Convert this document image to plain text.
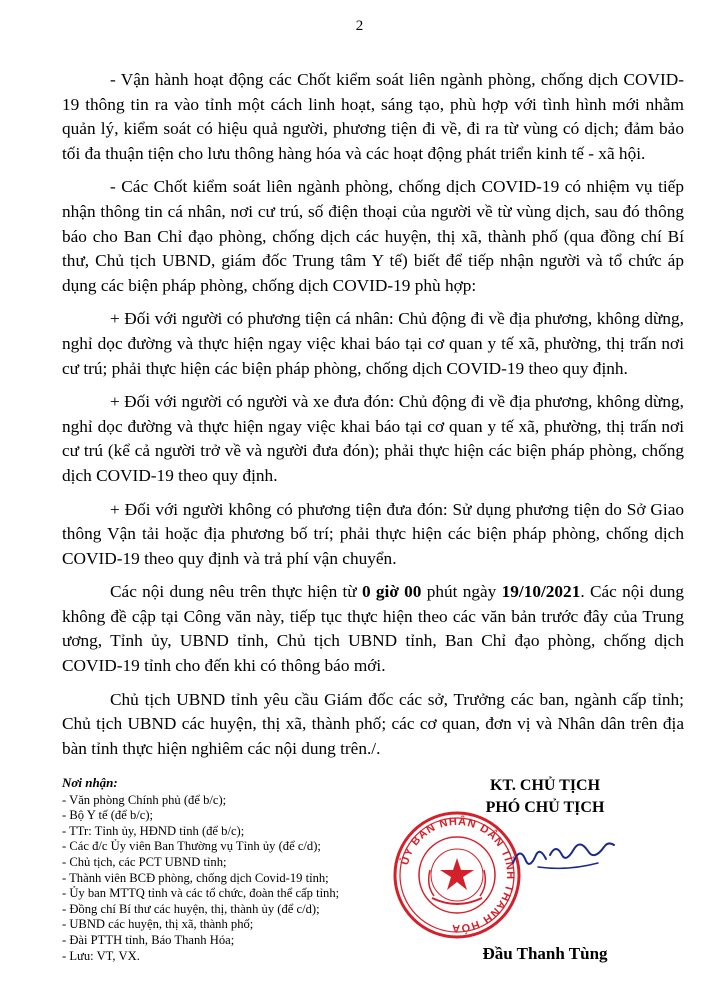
2

- Vận hành hoạt động các Chốt kiểm soát liên ngành phòng, chống dịch COVID-19 thông tin ra vào tỉnh một cách linh hoạt, sáng tạo, phù hợp với tình hình mới nhằm quản lý, kiểm soát có hiệu quả người, phương tiện đi về, đi ra từ vùng có dịch; đảm bảo tối đa thuận tiện cho lưu thông hàng hóa và các hoạt động phát triển kinh tế - xã hội.

- Các Chốt kiểm soát liên ngành phòng, chống dịch COVID-19 có nhiệm vụ tiếp nhận thông tin cá nhân, nơi cư trú, số điện thoại của người về từ vùng dịch, sau đó thông báo cho Ban Chỉ đạo phòng, chống dịch các huyện, thị xã, thành phố (qua đồng chí Bí thư, Chủ tịch UBND, giám đốc Trung tâm Y tế) biết để tiếp nhận người và tổ chức áp dụng các biện pháp phòng, chống dịch COVID-19 phù hợp:

+ Đối với người có phương tiện cá nhân: Chủ động đi về địa phương, không dừng, nghỉ dọc đường và thực hiện ngay việc khai báo tại cơ quan y tế xã, phường, thị trấn nơi cư trú; phải thực hiện các biện pháp phòng, chống dịch COVID-19 theo quy định.

+ Đối với người có người và xe đưa đón: Chủ động đi về địa phương, không dừng, nghỉ dọc đường và thực hiện ngay việc khai báo tại cơ quan y tế xã, phường, thị trấn nơi cư trú (kể cả người trở về và người đưa đón); phải thực hiện các biện pháp phòng, chống dịch COVID-19 theo quy định.

+ Đối với người không có phương tiện đưa đón: Sử dụng phương tiện do Sở Giao thông Vận tải hoặc địa phương bố trí; phải thực hiện các biện pháp phòng, chống dịch COVID-19 theo quy định và trả phí vận chuyển.

Các nội dung nêu trên thực hiện từ 0 giờ 00 phút ngày 19/10/2021. Các nội dung không đề cập tại Công văn này, tiếp tục thực hiện theo các văn bản trước đây của Trung ương, Tỉnh ủy, UBND tỉnh, Chủ tịch UBND tỉnh, Ban Chỉ đạo phòng, chống dịch COVID-19 tỉnh cho đến khi có thông báo mới.

Chủ tịch UBND tỉnh yêu cầu Giám đốc các sở, Trưởng các ban, ngành cấp tỉnh; Chủ tịch UBND các huyện, thị xã, thành phố; các cơ quan, đơn vị và Nhân dân trên địa bàn tỉnh thực hiện nghiêm các nội dung trên./.

Nơi nhận:
- Văn phòng Chính phủ (để b/c);
- Bộ Y tế (để b/c);
- TTr: Tỉnh ủy, HĐND tỉnh (để b/c);
- Các đ/c Ủy viên Ban Thường vụ Tỉnh ủy (để c/d);
- Chủ tịch, các PCT UBND tỉnh;
- Thành viên BCĐ phòng, chống dịch Covid-19 tỉnh;
- Ủy ban MTTQ tỉnh và các tổ chức, đoàn thể cấp tỉnh;
- Đồng chí Bí thư các huyện, thị, thành ủy (để c/d);
- UBND các huyện, thị xã, thành phố;
- Đài PTTH tỉnh, Báo Thanh Hóa;
- Lưu: VT, VX.
KT. CHỦ TỊCH
PHÓ CHỦ TỊCH
Đầu Thanh Tùng
ỦY BAN NHÂN DÂN TỈNH THANH HÓA
